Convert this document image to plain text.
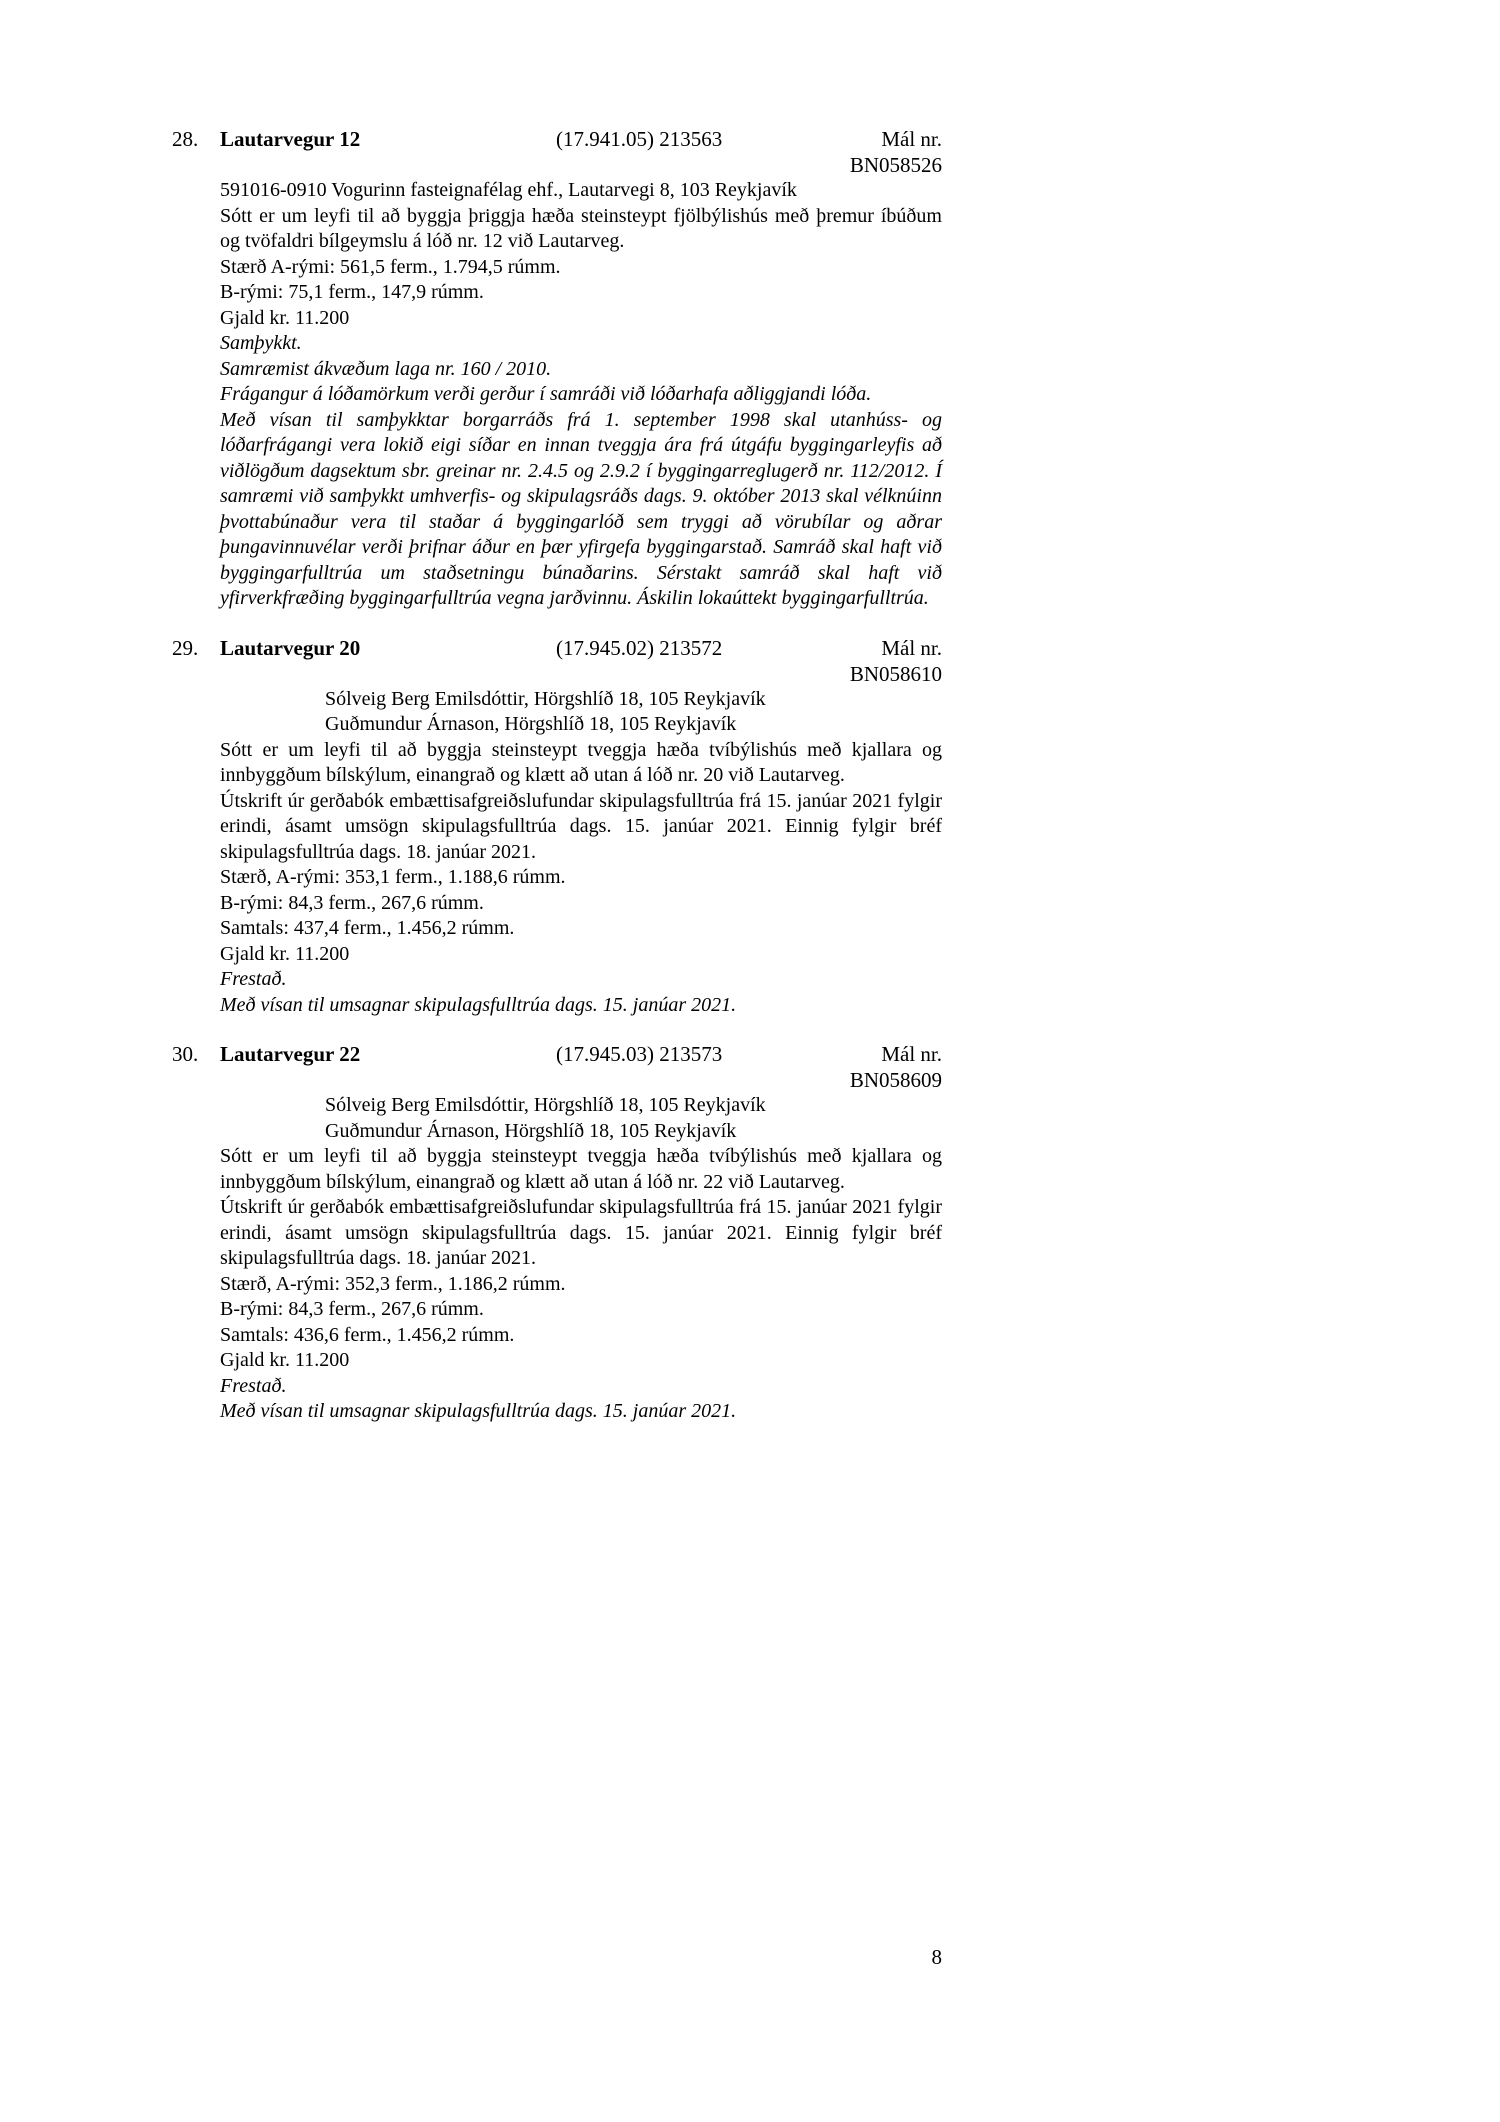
28.	Lautarvegur 12	(17.941.05) 213563	Mál nr. BN058526

591016-0910 Vogurinn fasteignafélag ehf., Lautarvegi 8, 103 Reykjavík

Sótt er um leyfi til að byggja þriggja hæða steinsteypt fjölbýlishús með þremur íbúðum og tvöfaldri bílgeymslu á lóð nr. 12 við Lautarveg.

Stærð A-rými: 561,5 ferm., 1.794,5 rúmm.

B-rými: 75,1 ferm., 147,9 rúmm.

Gjald kr. 11.200

Samþykkt.

Samræmist ákvæðum laga nr. 160 / 2010.

Frágangur á lóðamörkum verði gerður í samráði við lóðarhafa aðliggjandi lóða.

Með vísan til samþykktar borgarráðs frá 1. september 1998 skal utanhúss- og lóðarfrágangi vera lokið eigi síðar en innan tveggja ára frá útgáfu byggingarleyfis að viðlögðum dagsektum sbr. greinar nr. 2.4.5 og 2.9.2 í byggingarreglugerð nr. 112/2012. Í samræmi við samþykkt umhverfis- og skipulagsráðs dags. 9. október 2013 skal vélknúinn þvottabúnaður vera til staðar á byggingarlóð sem tryggi að vörubílar og aðrar þungavinnuvélar verði þrifnar áður en þær yfirgefa byggingarstað. Samráð skal haft við byggingarfulltrúa um staðsetningu búnaðarins. Sérstakt samráð skal haft við yfirverkfræðing byggingarfulltrúa vegna jarðvinnu. Áskilin lokaúttekt byggingarfulltrúa.

29.	Lautarvegur 20	(17.945.02) 213572	Mál nr. BN058610

Sólveig Berg Emilsdóttir, Hörgshlíð 18, 105 Reykjavík

Guðmundur Árnason, Hörgshlíð 18, 105 Reykjavík

Sótt er um leyfi til að byggja steinsteypt tveggja hæða tvíbýlishús með kjallara og innbyggðum bílskýlum, einangrað og klætt að utan á lóð nr. 20 við Lautarveg.

Útskrift úr gerðabók embættisafgreiðslufundar skipulagsfulltrúa frá 15. janúar 2021 fylgir erindi, ásamt umsögn skipulagsfulltrúa dags. 15. janúar 2021. Einnig fylgir bréf skipulagsfulltrúa dags. 18. janúar 2021.

Stærð, A-rými: 353,1 ferm., 1.188,6 rúmm.

B-rými: 84,3 ferm., 267,6 rúmm.

Samtals: 437,4 ferm., 1.456,2 rúmm.

Gjald kr. 11.200

Frestað.

Með vísan til umsagnar skipulagsfulltrúa dags. 15. janúar 2021.

30.	Lautarvegur 22	(17.945.03) 213573	Mál nr. BN058609

Sólveig Berg Emilsdóttir, Hörgshlíð 18, 105 Reykjavík

Guðmundur Árnason, Hörgshlíð 18, 105 Reykjavík

Sótt er um leyfi til að byggja steinsteypt tveggja hæða tvíbýlishús með kjallara og innbyggðum bílskýlum, einangrað og klætt að utan á lóð nr. 22 við Lautarveg.

Útskrift úr gerðabók embættisafgreiðslufundar skipulagsfulltrúa frá 15. janúar 2021 fylgir erindi, ásamt umsögn skipulagsfulltrúa dags. 15. janúar 2021. Einnig fylgir bréf skipulagsfulltrúa dags. 18. janúar 2021.

Stærð, A-rými: 352,3 ferm., 1.186,2 rúmm.

B-rými: 84,3 ferm., 267,6 rúmm.

Samtals: 436,6 ferm., 1.456,2 rúmm.

Gjald kr. 11.200

Frestað.

Með vísan til umsagnar skipulagsfulltrúa dags. 15. janúar 2021.

8
